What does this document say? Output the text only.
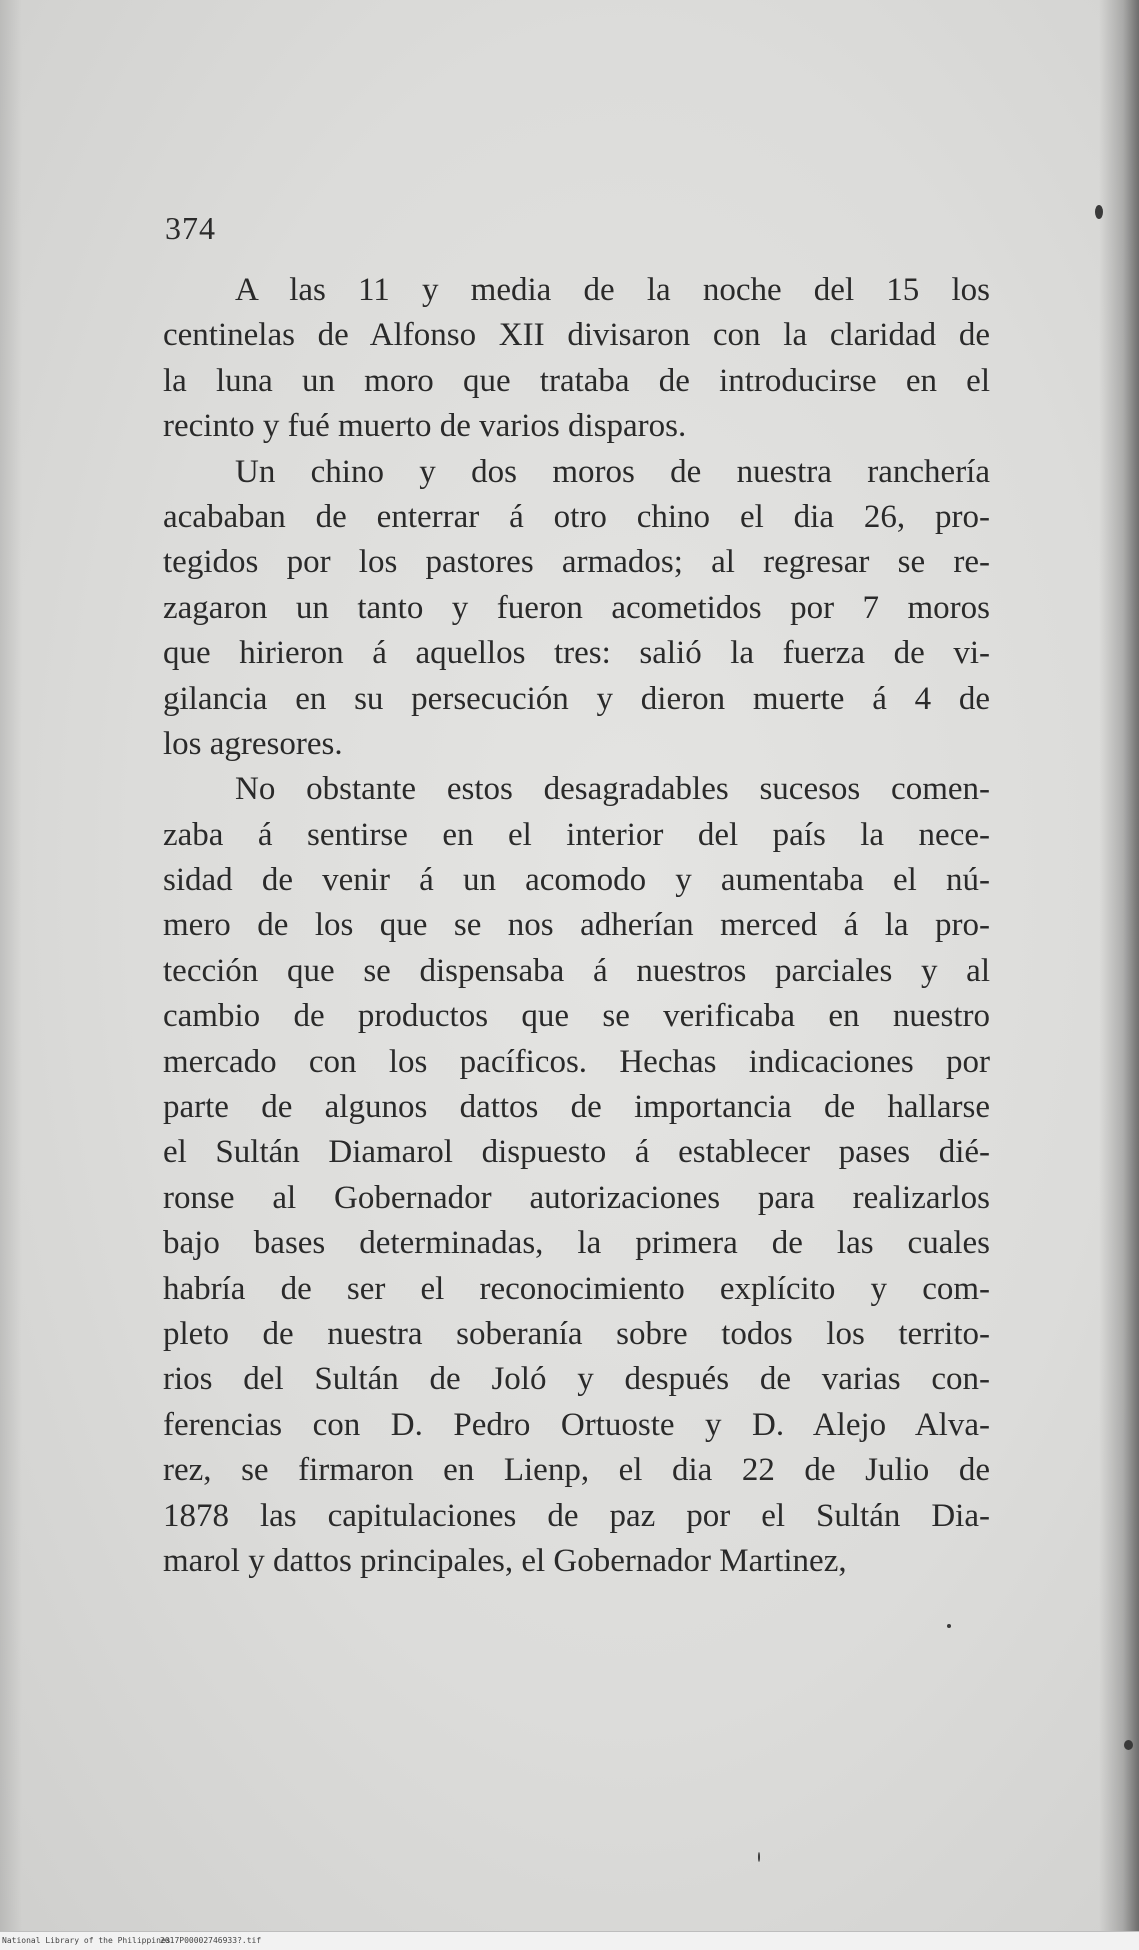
374
A las 11 y media de la noche del 15 los
centinelas de Alfonso XII divisaron con la claridad de
la luna un moro que trataba de introducirse en el
recinto y fué muerto de varios disparos.
Un chino y dos moros de nuestra ranchería
acababan de enterrar á otro chino el dia 26, pro-
tegidos por los pastores armados; al regresar se re-
zagaron un tanto y fueron acometidos por 7 moros
que hirieron á aquellos tres: salió la fuerza de vi-
gilancia en su persecución y dieron muerte á 4 de
los agresores.
No obstante estos desagradables sucesos comen-
zaba á sentirse en el interior del país la nece-
sidad de venir á un acomodo y aumentaba el nú-
mero de los que se nos adherían merced á la pro-
tección que se dispensaba á nuestros parciales y al
cambio de productos que se verificaba en nuestro
mercado con los pacíficos. Hechas indicaciones por
parte de algunos dattos de importancia de hallarse
el Sultán Diamarol dispuesto á establecer pases dié-
ronse al Gobernador autorizaciones para realizarlos
bajo bases determinadas, la primera de las cuales
habría de ser el reconocimiento explícito y com-
pleto de nuestra soberanía sobre todos los territo-
rios del Sultán de Joló y después de varias con-
ferencias con D. Pedro Ortuoste y D. Alejo Alva-
rez, se firmaron en Lienp, el dia 22 de Julio de
1878 las capitulaciones de paz por el Sultán Dia-
marol y dattos principales, el Gobernador Martinez,
National Library of the Philippines
2017P00002746933?.tif
